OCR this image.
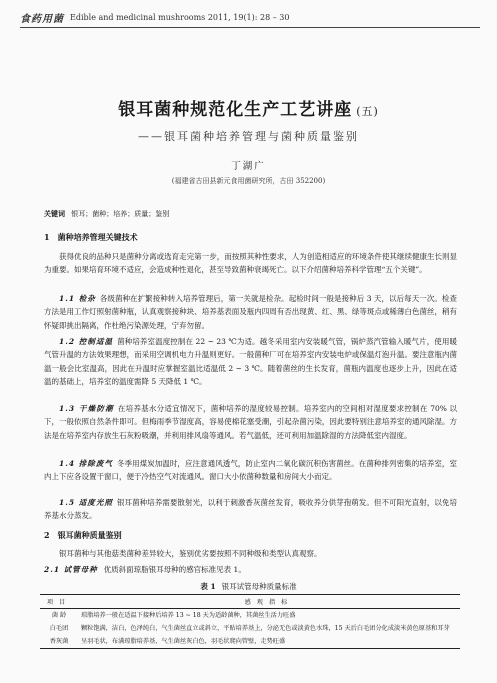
食药用菌 Edible and medicinal mushrooms 2011, 19(1): 28 – 30
银耳菌种规范化生产工艺讲座 (五)
——银耳菌种培养管理与菌种质量鉴别
丁湖广
(福建省古田县新元食用菌研究所，古田 352200)
关键词 银耳；菌种；培养；质量；鉴别
1 菌种培养管理关键技术

获得优良的品种只是菌种分离或选育走完第一步，而按照其种性要求，人为创造相适应的环境条件使其继续健康生长则显为重要。如果培育环境不适应，会造成种性退化，甚至导致菌种衰竭死亡。以下介绍菌种培养科学管理“五个关键”。

1.1 检杂 各级菌种在扩繁接种转入培养管理后，第一关就是检杂。起检时间一般是接种后 3 天，以后每天一次。检查方法是用工作灯照射菌种瓶，认真观察接种块、培养基表面及瓶内四周有否出现黄、红、黑、绿等斑点或稀薄白色菌丝，稍有怀疑即挑出隔离，作杜绝污染源处理，宁弃勿留。

1.2 控制适温 菌种培养室温度控制在 22 ~ 23 ℃为适。越冬采用室内安装暖气管，锅炉蒸汽管输入暖气片，使用暖气管升温的方法效果理想，而采用空调机电力升温则更好。一般菌种厂可在培养室内安装电炉或保温灯泡升温。要注意瓶内菌温一般会比室温高，因此在升温时应掌握室温比适温低 2 ~ 3 ℃。随着菌丝的生长发育，菌瓶内温度也逐步上升，因此在适温的基础上，培养室的温度需降 5 天降低 1 ℃。

1.3 干燥防潮 在培养基水分适宜情况下，菌种培养的湿度较易控制。培养室内的空间相对湿度要求控制在 70% 以下，一般依照自然条件即可。但梅雨季节湿度高，容易使棉花塞受潮，引起杂菌污染，因此要特别注意培养室的通风除湿。方法是在培养室内存放生石灰粉吸潮，并利用排风扇等通风。若气温低，还可利用加温除湿的方法降低室内湿度。

1.4 排除废气 冬季用煤炭加温时，应注意通风透气，防止室内二氧化碳沉积伤害菌丝。在菌种排列密集的培养室，室内上下应各设置干窗口，便于冷热空气对流通风。窗口大小依菌种数量和房间大小而定。

1.5 适度光照 银耳菌种培养需要散射光，以利于刺激香灰菌丝发育，吸收养分供芽孢萌发。但不可阳光直射，以免培养基水分蒸发。

2 银耳菌种质量鉴别

银耳菌种与其他菇类菌种差异较大，鉴别优劣要按照不同种级和类型认真观察。

2.1 试管母种 优质斜面琼脂银耳母种的感官标准见表 1。
表 1 银耳试管母种质量标准
项目	感观指标
菌 龄	琼脂培养一般在适温下接种后培养 13 ~ 18 天为适龄菌种，其菌丝生活力旺盛
白毛团	颗粒饱满，洁白，色泽纯白，气生菌丝直立或斜立，平贴培养基上，分泌无色或淡黄色水珠，15 天后白毛团分化成淡米黄色原基和耳芽
香灰菌	呈羽毛状，布满琼脂培养基，气生菌丝灰白色，羽毛状爬向管壁，走势旺盛
